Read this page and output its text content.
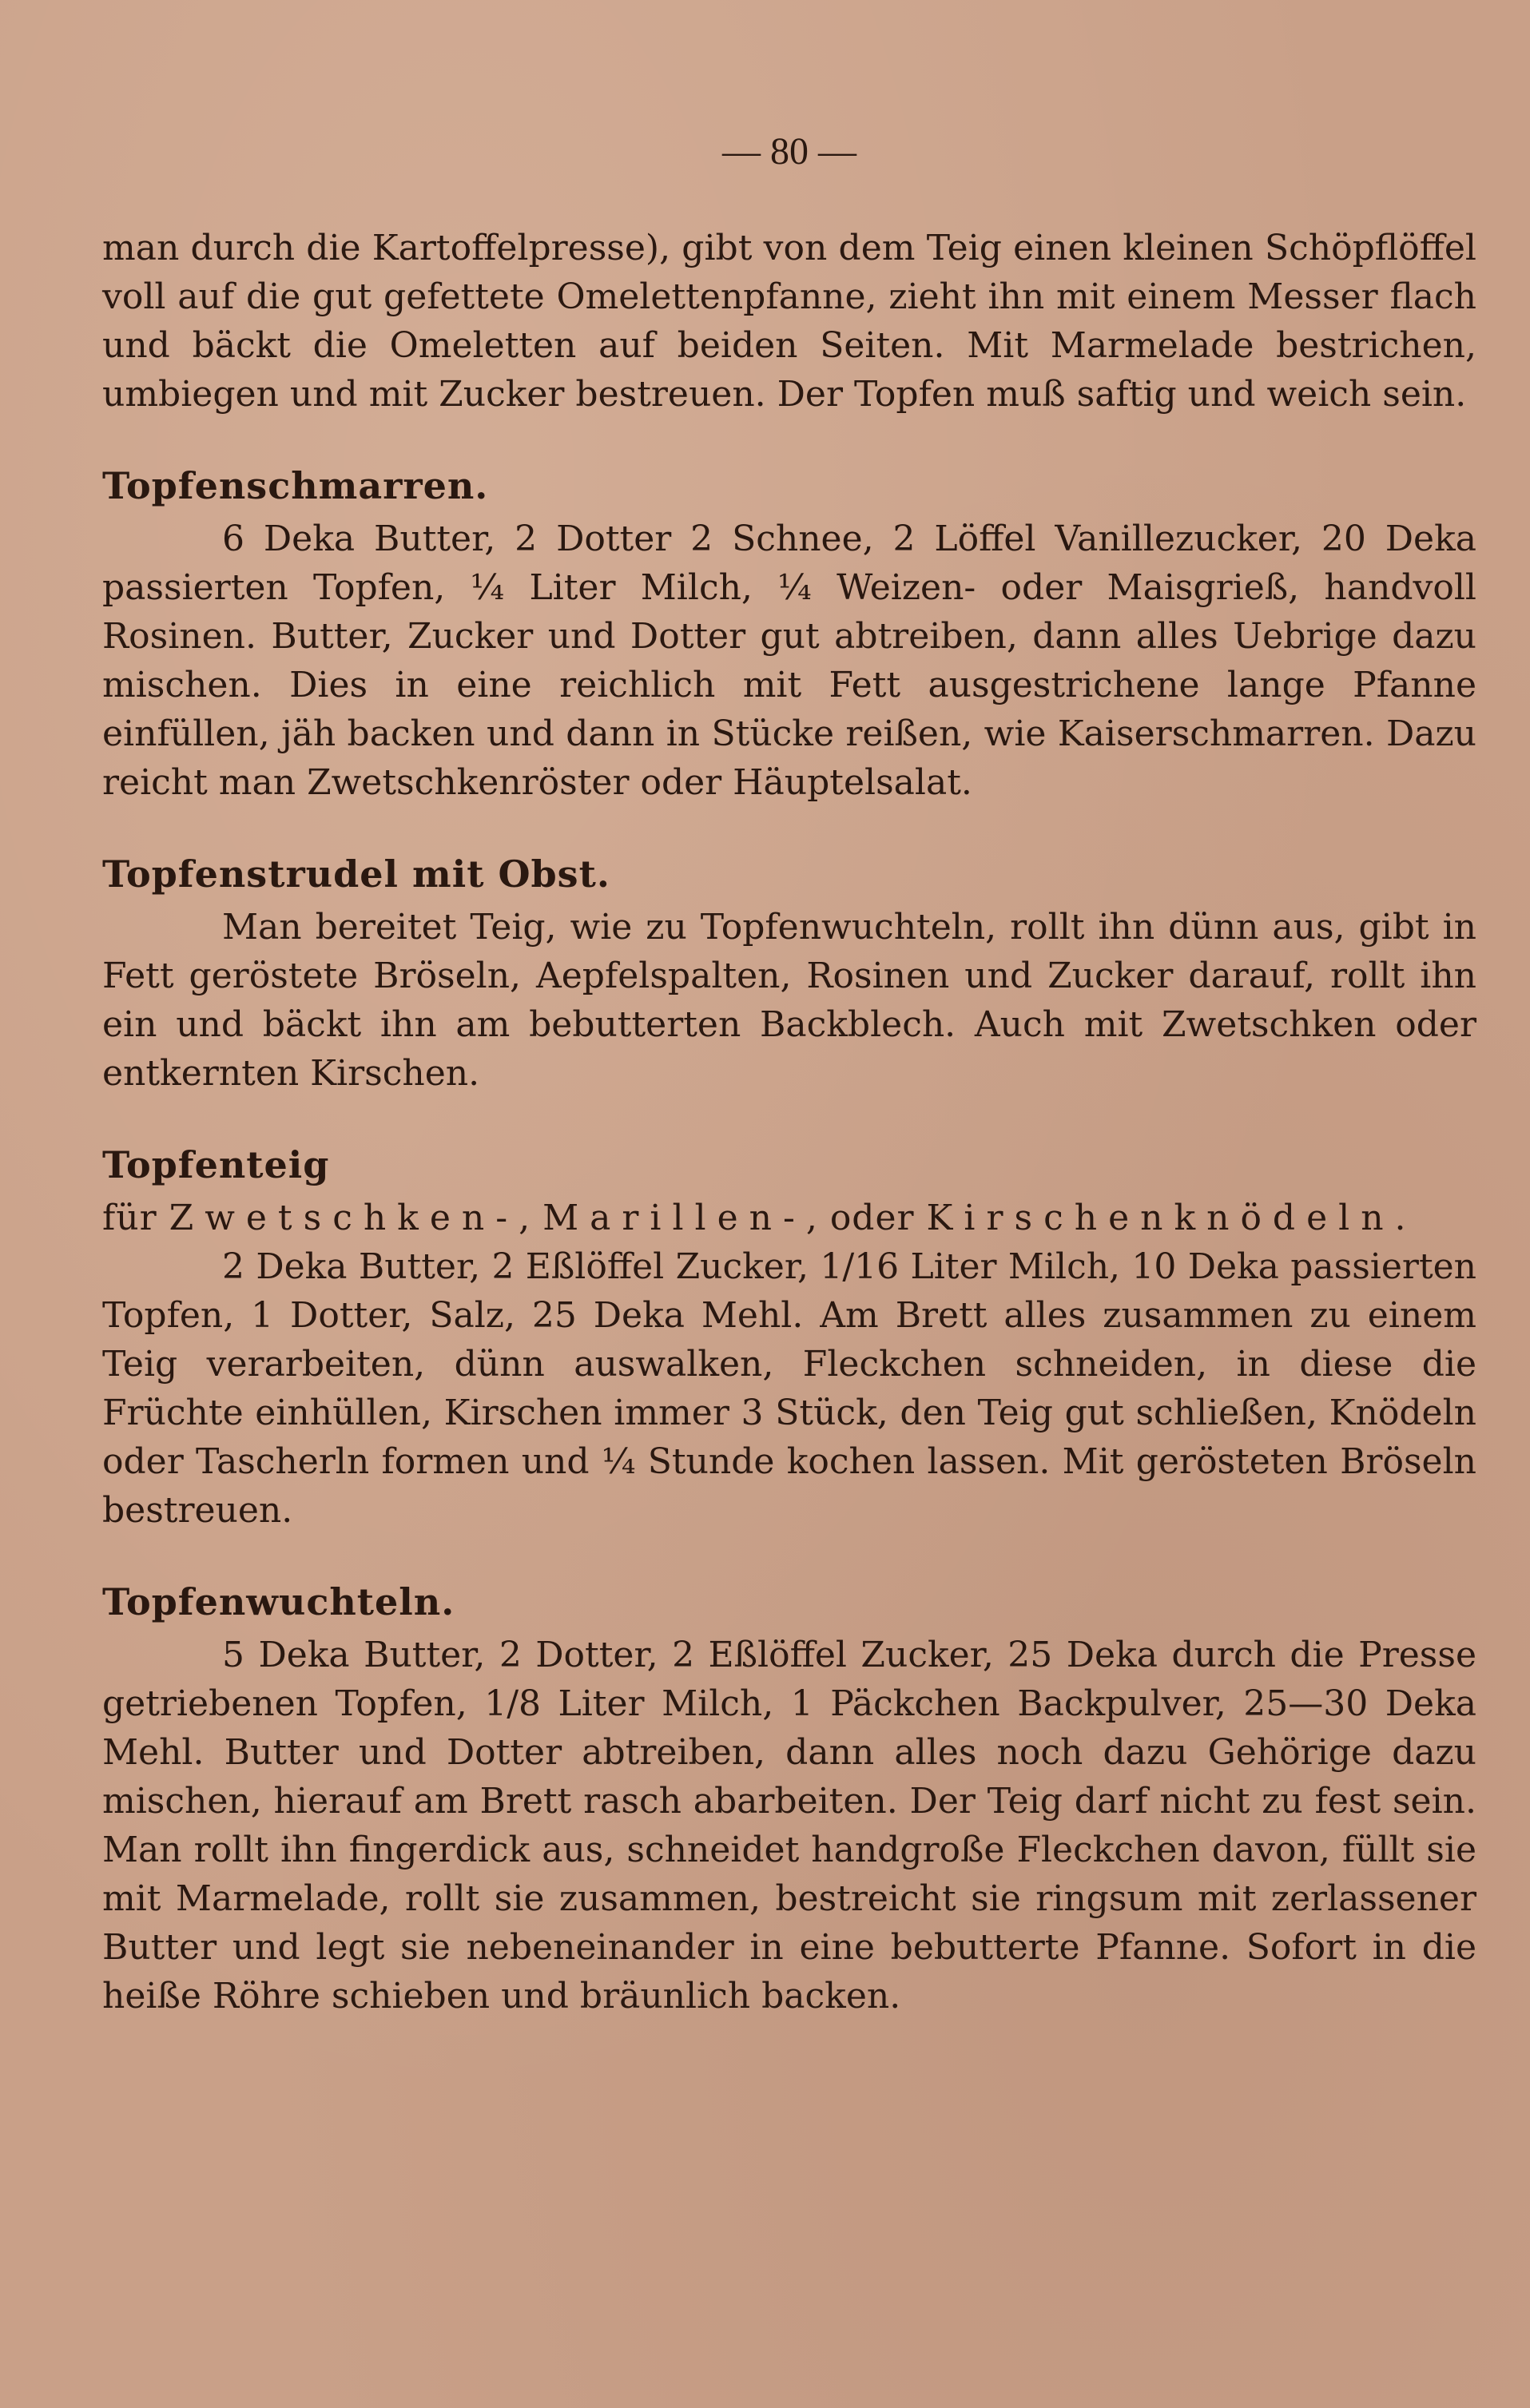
— 80 —

man durch die Kartoffelpresse), gibt von dem Teig einen kleinen Schöpflöffel voll auf die gut gefettete Omelettenpfanne, zieht ihn mit einem Messer flach und bäckt die Omeletten auf beiden Seiten. Mit Marmelade bestrichen, umbiegen und mit Zucker bestreuen. Der Topfen muß saftig und weich sein.

Topfenschmarren.

6 Deka Butter, 2 Dotter 2 Schnee, 2 Löffel Vanillezucker, 20 Deka passierten Topfen, ¼ Liter Milch, ¼ Weizen- oder Maisgrieß, handvoll Rosinen. Butter, Zucker und Dotter gut abtreiben, dann alles Uebrige dazu mischen. Dies in eine reichlich mit Fett ausgestrichene lange Pfanne einfüllen, jäh backen und dann in Stücke reißen, wie Kaiserschmarren. Dazu reicht man Zwetschkenröster oder Häuptelsalat.

Topfenstrudel mit Obst.

Man bereitet Teig, wie zu Topfenwuchteln, rollt ihn dünn aus, gibt in Fett geröstete Bröseln, Aepfelspalten, Rosinen und Zucker darauf, rollt ihn ein und bäckt ihn am bebutterten Backblech. Auch mit Zwetschken oder entkernten Kirschen.

Topfenteig
für Zwetschken-, Marillen-, oder Kirschenknödeln.

2 Deka Butter, 2 Eßlöffel Zucker, 1/16 Liter Milch, 10 Deka passierten Topfen, 1 Dotter, Salz, 25 Deka Mehl. Am Brett alles zusammen zu einem Teig verarbeiten, dünn auswalken, Fleckchen schneiden, in diese die Früchte einhüllen, Kirschen immer 3 Stück, den Teig gut schließen, Knödeln oder Tascherln formen und ¼ Stunde kochen lassen. Mit gerösteten Bröseln bestreuen.

Topfenwuchteln.

5 Deka Butter, 2 Dotter, 2 Eßlöffel Zucker, 25 Deka durch die Presse getriebenen Topfen, 1/8 Liter Milch, 1 Päckchen Backpulver, 25—30 Deka Mehl. Butter und Dotter abtreiben, dann alles noch dazu Gehörige dazu mischen, hierauf am Brett rasch abarbeiten. Der Teig darf nicht zu fest sein. Man rollt ihn fingerdick aus, schneidet handgroße Fleckchen davon, füllt sie mit Marmelade, rollt sie zusammen, bestreicht sie ringsum mit zerlassener Butter und legt sie nebeneinander in eine bebutterte Pfanne. Sofort in die heiße Röhre schieben und bräunlich backen.
